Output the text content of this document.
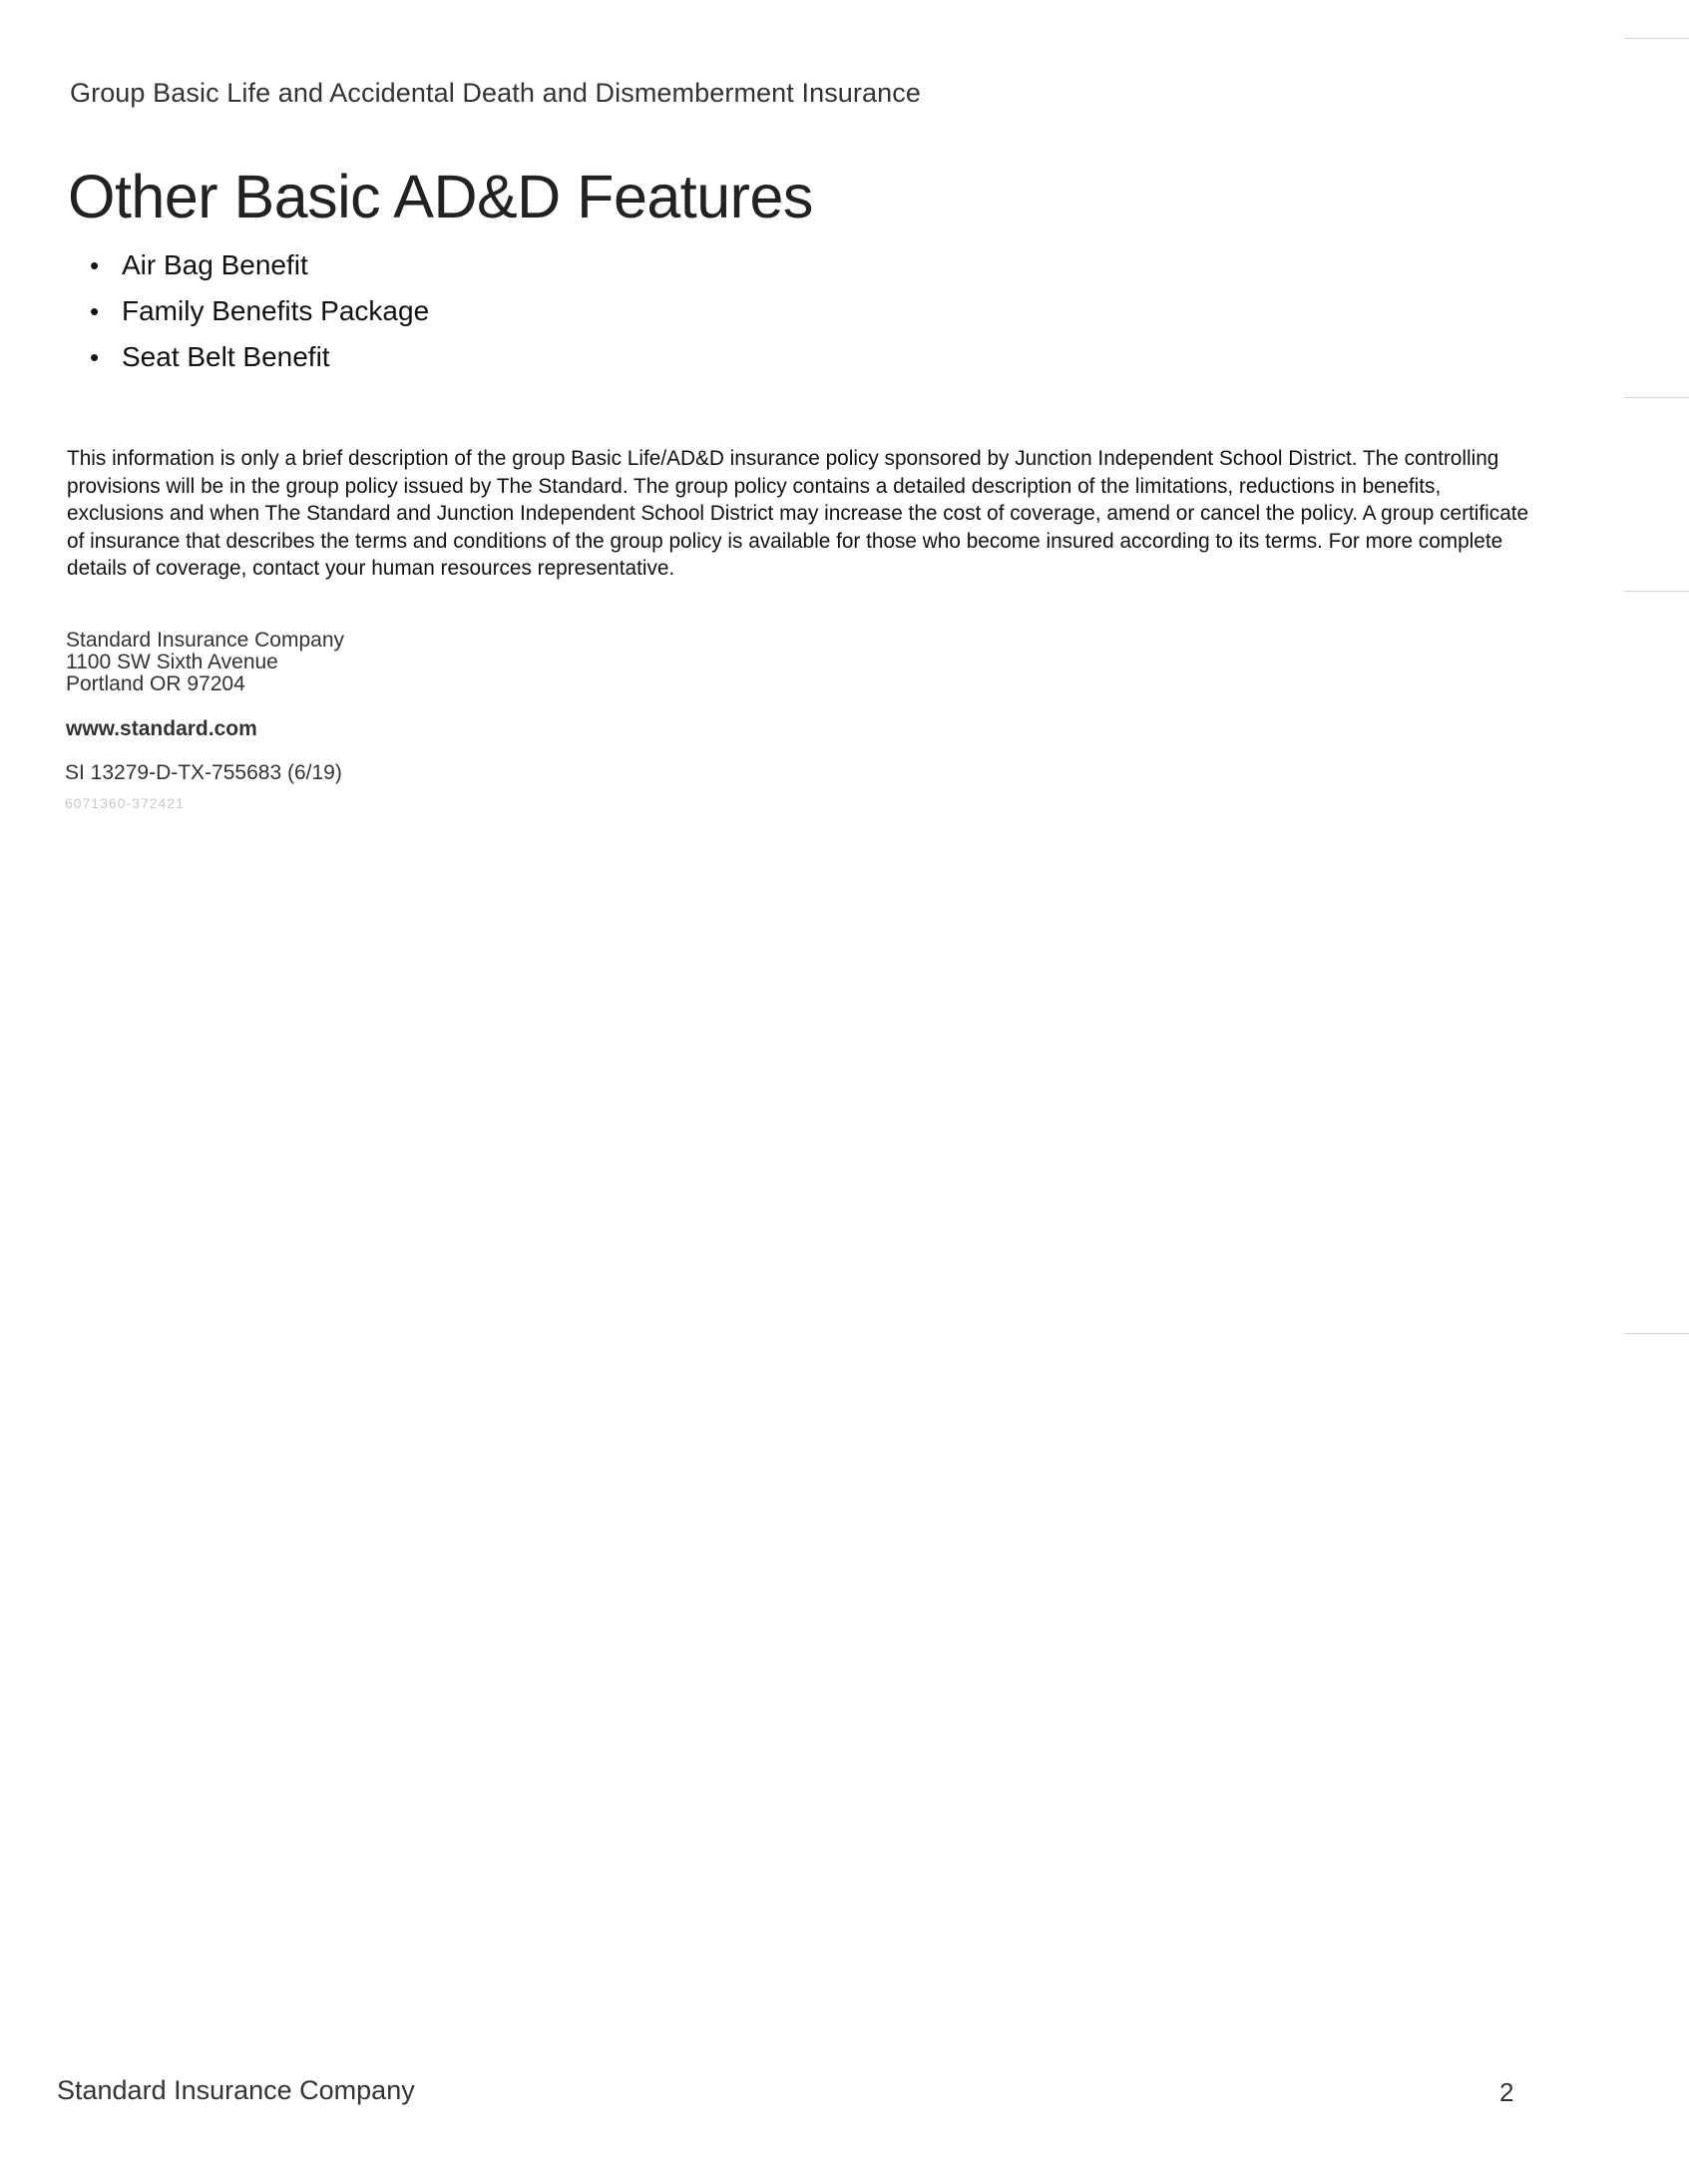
Group Basic Life and Accidental Death and Dismemberment Insurance
Other Basic AD&D Features
• Air Bag Benefit
• Family Benefits Package
• Seat Belt Benefit

This information is only a brief description of the group Basic Life/AD&D insurance policy sponsored by Junction Independent School District. The controlling provisions will be in the group policy issued by The Standard. The group policy contains a detailed description of the limitations, reductions in benefits, exclusions and when The Standard and Junction Independent School District may increase the cost of coverage, amend or cancel the policy. A group certificate of insurance that describes the terms and conditions of the group policy is available for those who become insured according to its terms. For more complete details of coverage, contact your human resources representative.

Standard Insurance Company
1100 SW Sixth Avenue
Portland OR 97204
www.standard.com
SI 13279-D-TX-755683 (6/19)
6071360-372421
Standard Insurance Company	2
